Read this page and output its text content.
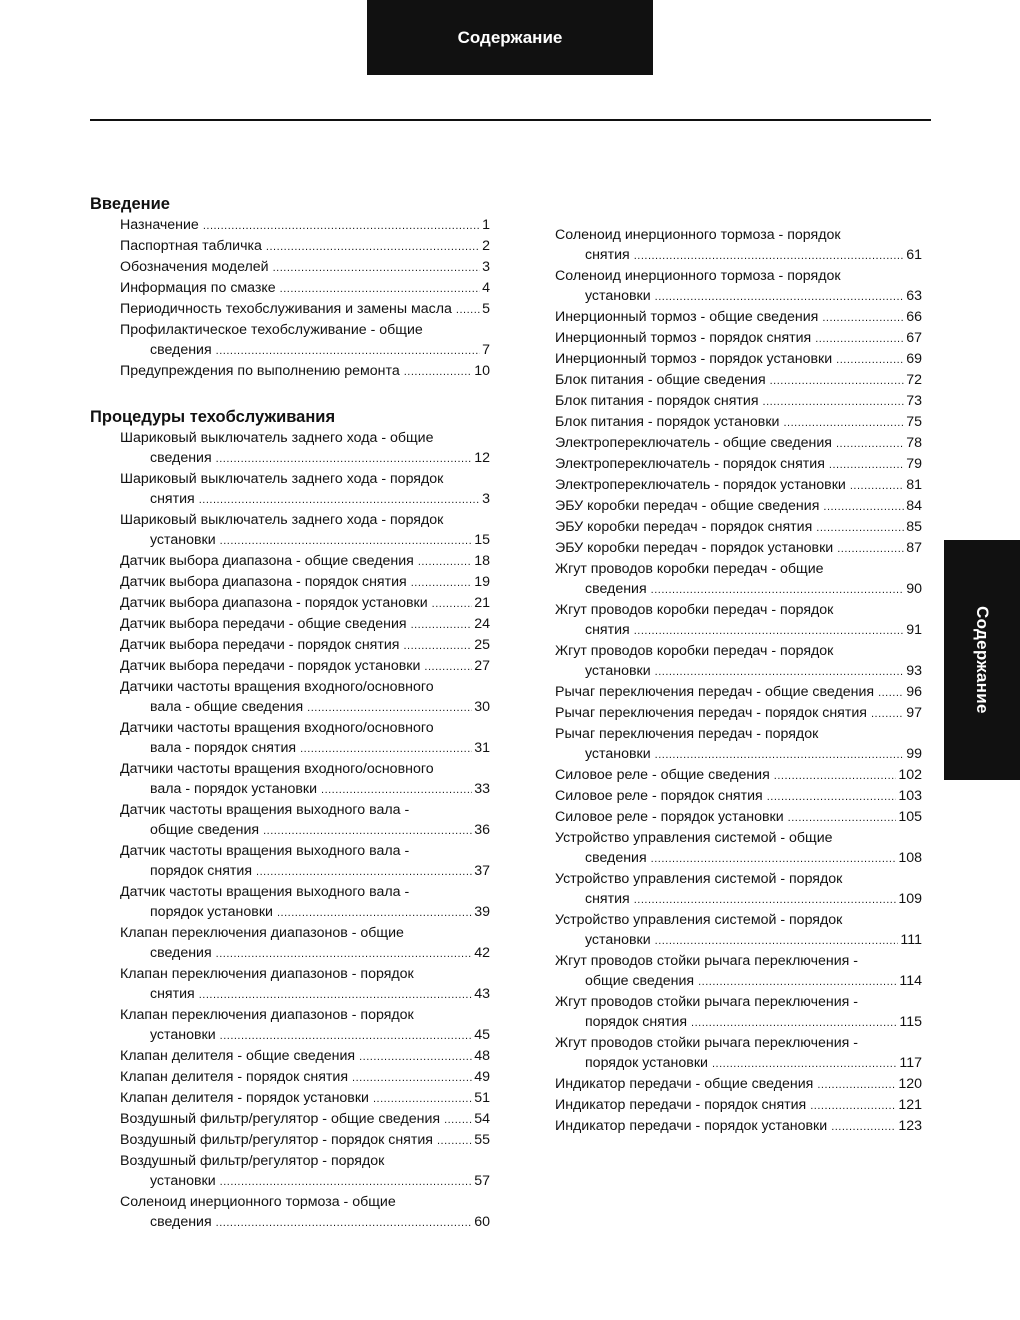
Содержание
Введение
Назначение .....	1
Паспортная табличка .....	2
Обозначения моделей .....	3
Информация по смазке .....	4
Периодичность техобслуживания и замены масла ..... 5
Профилактическое техобслуживание - общие
сведения .....	7
Предупреждения по выполнению ремонта .....	10
Процедуры техобслуживания
Шариковый выключатель заднего хода - общие
сведения .....	12
Шариковый выключатель заднего хода - порядок
снятия .....	3
Шариковый выключатель заднего хода - порядок
установки .....	15
Датчик выбора диапазона - общие сведения .....	18
Датчик выбора диапазона - порядок снятия .....	19
Датчик выбора диапазона - порядок установки .....	21
Датчик выбора передачи - общие сведения .....	24
Датчик выбора передачи - порядок снятия .....	25
Датчик выбора передачи - порядок установки .....	27
Датчики частоты вращения входного/основного
вала - общие сведения .....	30
Датчики частоты вращения входного/основного
вала - порядок снятия .....	31
Датчики частоты вращения входного/основного
вала - порядок установки .....	33
Датчик частоты вращения выходного вала -
общие сведения .....	36
Датчик частоты вращения выходного вала -
порядок снятия .....	37
Датчик частоты вращения выходного вала -
порядок установки .....	39
Клапан переключения диапазонов - общие
сведения .....	42
Клапан переключения диапазонов - порядок
снятия .....	43
Клапан переключения диапазонов - порядок
установки .....	45
Клапан делителя - общие сведения .....	48
Клапан делителя - порядок снятия .....	49
Клапан делителя - порядок установки .....	51
Воздушный фильтр/регулятор - общие сведения ..... 54
Воздушный фильтр/регулятор - порядок снятия .....	55
Воздушный фильтр/регулятор - порядок
установки .....	57
Соленоид инерционного тормоза - общие
сведения .....	60
Соленоид инерционного тормоза - порядок
снятия .....	61
Соленоид инерционного тормоза - порядок
установки .....	63
Инерционный тормоз - общие сведения .....	66
Инерционный тормоз - порядок снятия .....	67
Инерционный тормоз - порядок установки .....	69
Блок питания - общие сведения .....	72
Блок питания - порядок снятия .....	73
Блок питания - порядок установки .....	75
Электропереключатель - общие сведения .....	78
Электропереключатель - порядок снятия .....	79
Электропереключатель - порядок установки .....	81
ЭБУ коробки передач - общие сведения .....	84
ЭБУ коробки передач - порядок снятия .....	85
ЭБУ коробки передач - порядок установки .....	87
Жгут проводов коробки передач - общие
сведения .....	90
Жгут проводов коробки передач - порядок
снятия .....	91
Жгут проводов коробки передач - порядок
установки .....	93
Рычаг переключения передач - общие сведения ..... 96
Рычаг переключения передач - порядок снятия .....	97
Рычаг переключения передач - порядок
установки .....	99
Силовое реле - общие сведения .....	102
Силовое реле - порядок снятия .....	103
Силовое реле - порядок установки .....	105
Устройство управления системой - общие
сведения .....	108
Устройство управления системой - порядок
снятия .....	109
Устройство управления системой - порядок
установки .....	111
Жгут проводов стойки рычага переключения -
общие сведения .....	114
Жгут проводов стойки рычага переключения -
порядок снятия .....	115
Жгут проводов стойки рычага переключения -
порядок установки .....	117
Индикатор передачи - общие сведения .....	120
Индикатор передачи - порядок снятия .....	121
Индикатор передачи - порядок установки .....	123
Содержание
